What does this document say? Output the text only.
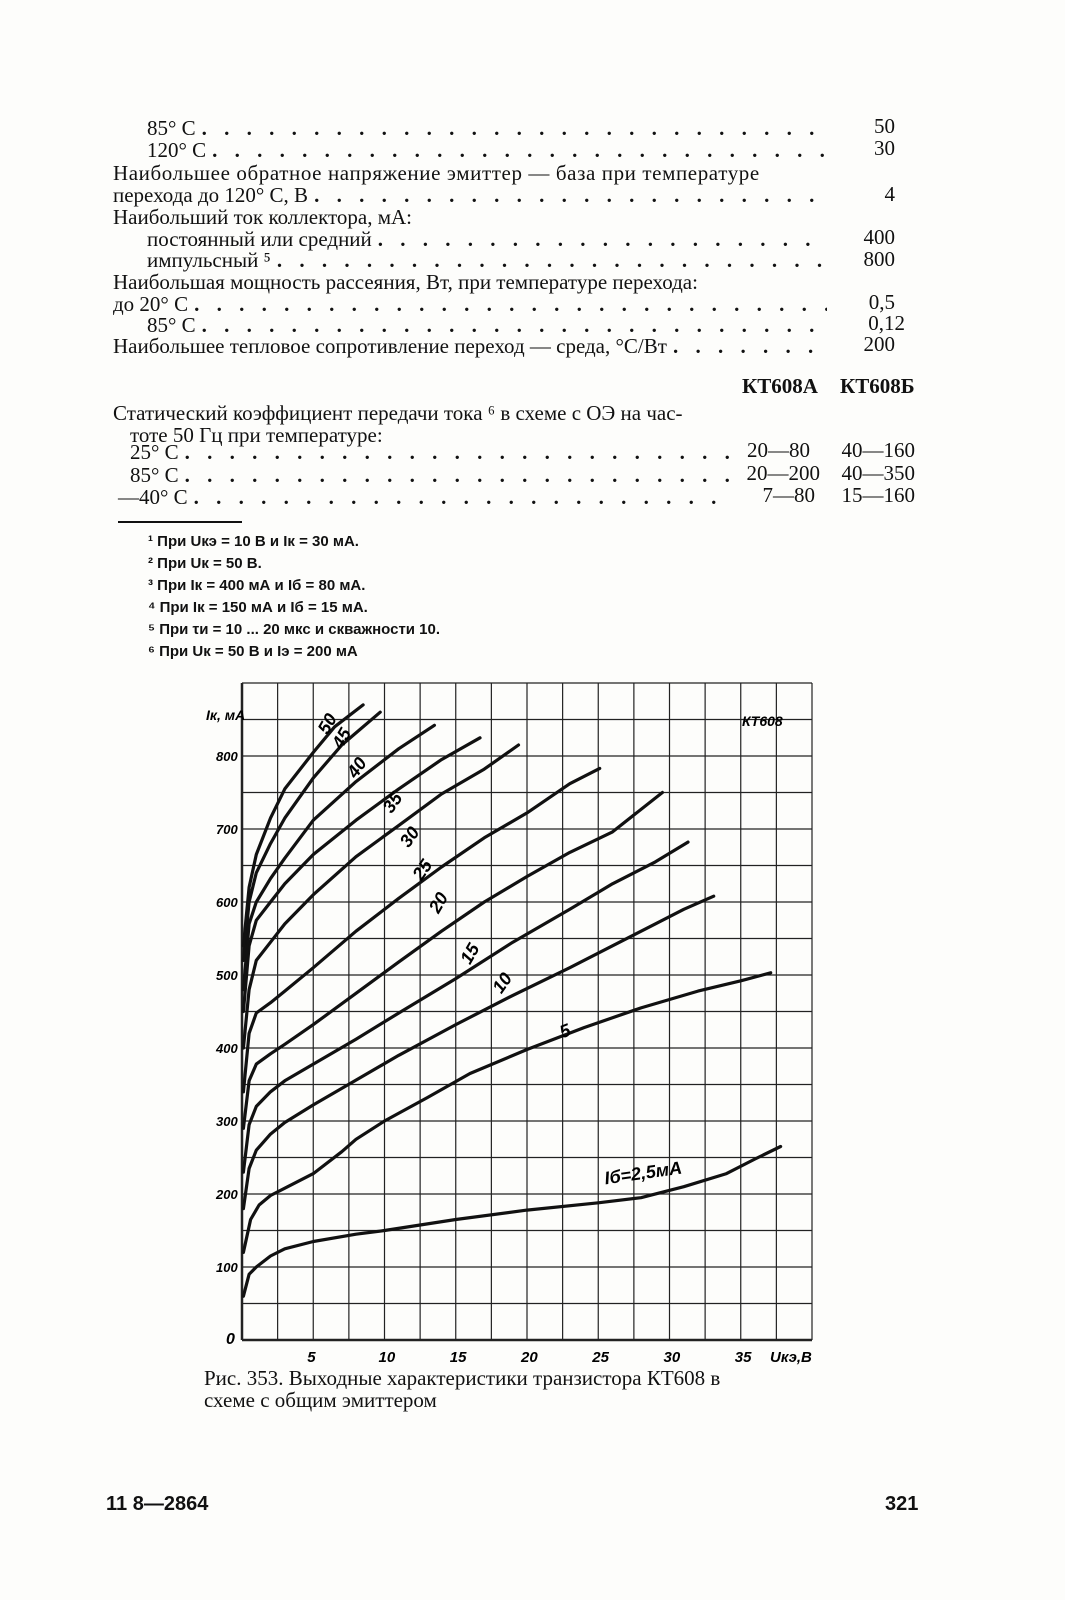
85° C . . .	50
120° C . . .	30
Наибольшее обратное напряжение эмиттер — база при температуре
перехода до 120° С, В . . .	4
Наибольший ток коллектора, мА:
постоянный или средний . . .	400
импульсный ⁵ . . .	800
Наибольшая мощность рассеяния, Вт, при температуре перехода:
до 20° С . . .	0,5
85° С . . .	0,12
Наибольшее тепловое сопротивление переход — среда, °С/Вт . . .	200
КТ608А КТ608Б
Статический коэффициент передачи тока ⁶ в схеме с ОЭ на час-
тоте 50 Гц при температуре:
25° С . . .	20—80	40—160
85° С . . .	20—200	40—350
—40° С . . .	7—80	15—160
¹ При Uкэ = 10 В и Iк = 30 мА.
² При Uк = 50 В.
³ При Iк = 400 мА и Iб = 80 мА.
⁴ При Iк = 150 мА и Iб = 15 мА.
⁵ При τи = 10 ... 20 мкс и скважности 10.
⁶ При Uк = 50 В и Iэ = 200 мА
Iб=2,5мА
5
10
15
20
25
30
35
40
45
50
5	10	15	20	25	30	35
100
200
300
400
500
600
700
800
0
Uкэ,В
Iк, мА	КТ608
Рис. 353. Выходные характеристики транзистора КТ608 в
схеме с общим эмиттером
11 8—2864	321
